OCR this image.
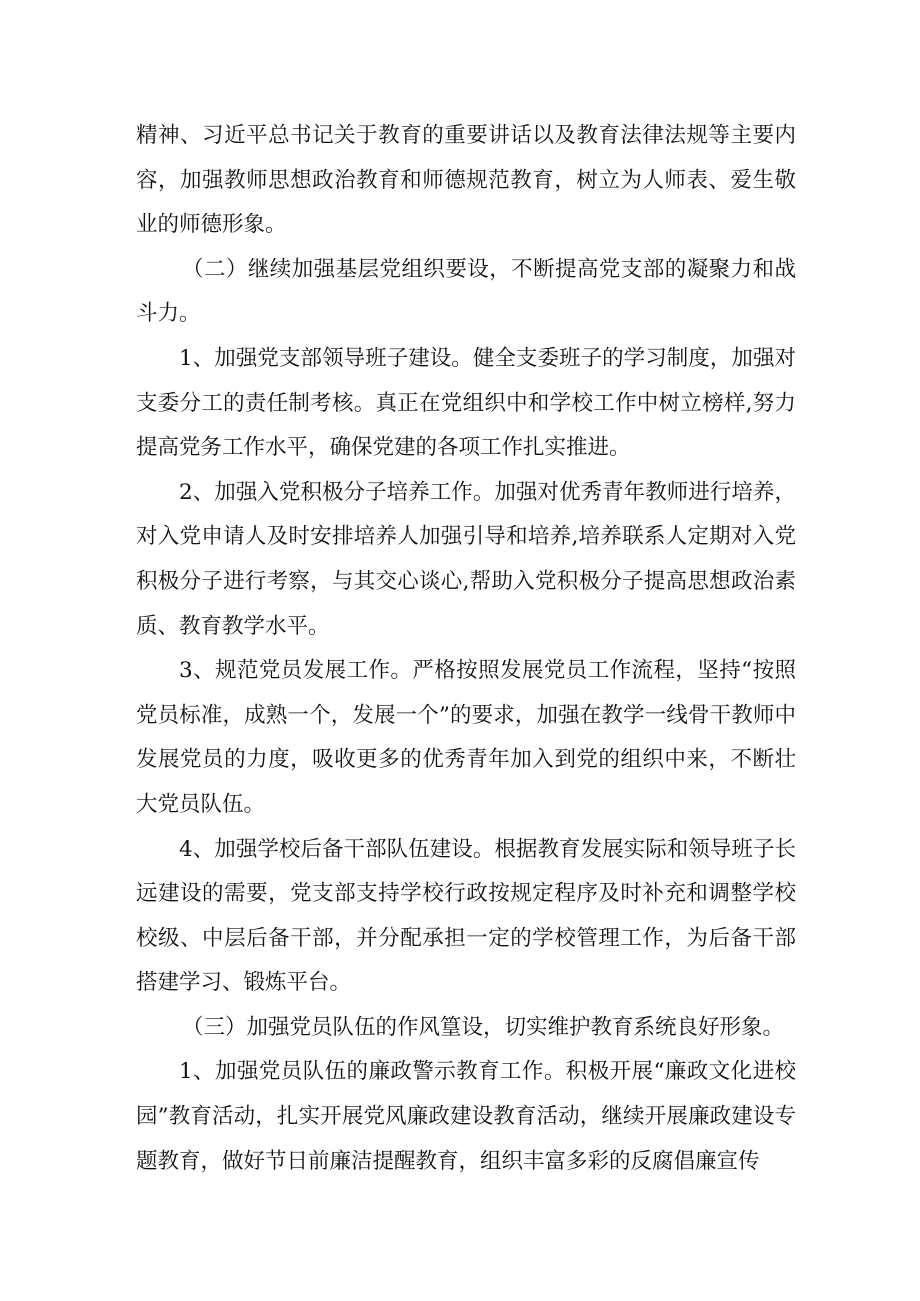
精神、习近平总书记关于教育的重要讲话以及教育法律法规等主要内容，加强教师思想政治教育和师德规范教育，树立为人师表、爱生敬业的师德形象。

（二）继续加强基层党组织要设，不断提高党支部的凝聚力和战斗力。

1、加强党支部领导班子建设。健全支委班子的学习制度，加强对支委分工的责任制考核。真正在党组织中和学校工作中树立榜样,努力提高党务工作水平，确保党建的各项工作扎实推进。

2、加强入党积极分子培养工作。加强对优秀青年教师进行培养，对入党申请人及时安排培养人加强引导和培养,培养联系人定期对入党积极分子进行考察，与其交心谈心,帮助入党积极分子提高思想政治素质、教育教学水平。

3、规范党员发展工作。严格按照发展党员工作流程，坚持“按照党员标准，成熟一个，发展一个”的要求，加强在教学一线骨干教师中发展党员的力度，吸收更多的优秀青年加入到党的组织中来，不断壮大党员队伍。

4、加强学校后备干部队伍建设。根据教育发展实际和领导班子长远建设的需要，党支部支持学校行政按规定程序及时补充和调整学校校级、中层后备干部，并分配承担一定的学校管理工作，为后备干部搭建学习、锻炼平台。

（三）加强党员队伍的作风篁设，切实维护教育系统良好形象。

1、加强党员队伍的廉政警示教育工作。积极开展“廉政文化进校园”教育活动，扎实开展党风廉政建设教育活动，继续开展廉政建设专题教育，做好节日前廉洁提醒教育，组织丰富多彩的反腐倡廉宣传
